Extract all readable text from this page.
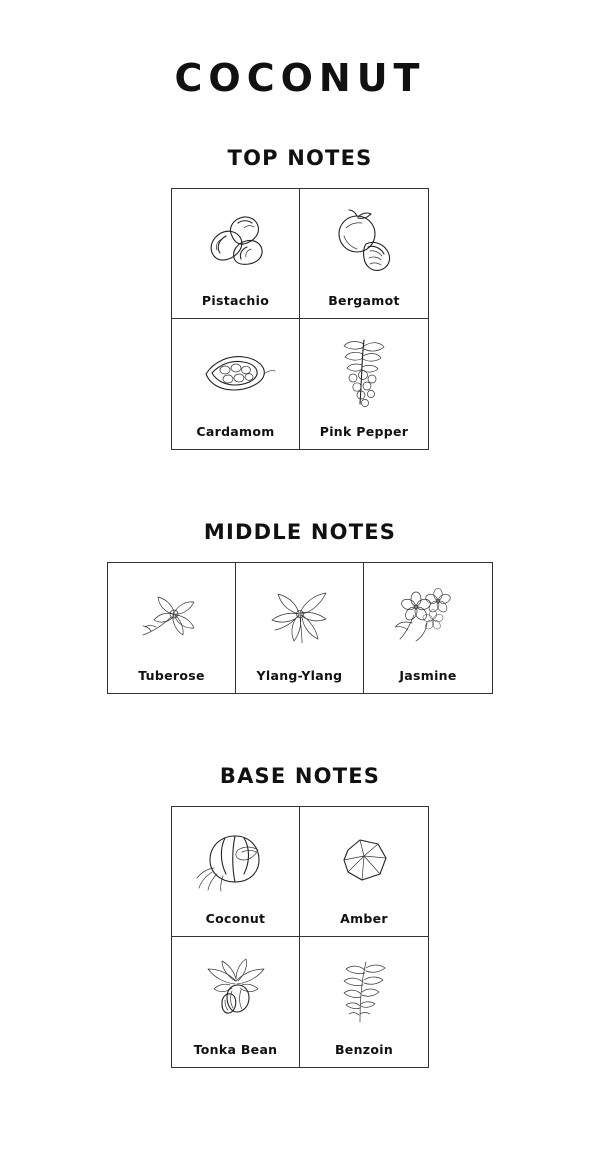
COCONUT
TOP NOTES
Pistachio	Bergamot
Cardamom	Pink Pepper
MIDDLE NOTES
Tuberose	Ylang-Ylang	Jasmine
BASE NOTES
Coconut	Amber
Tonka Bean	Benzoin
